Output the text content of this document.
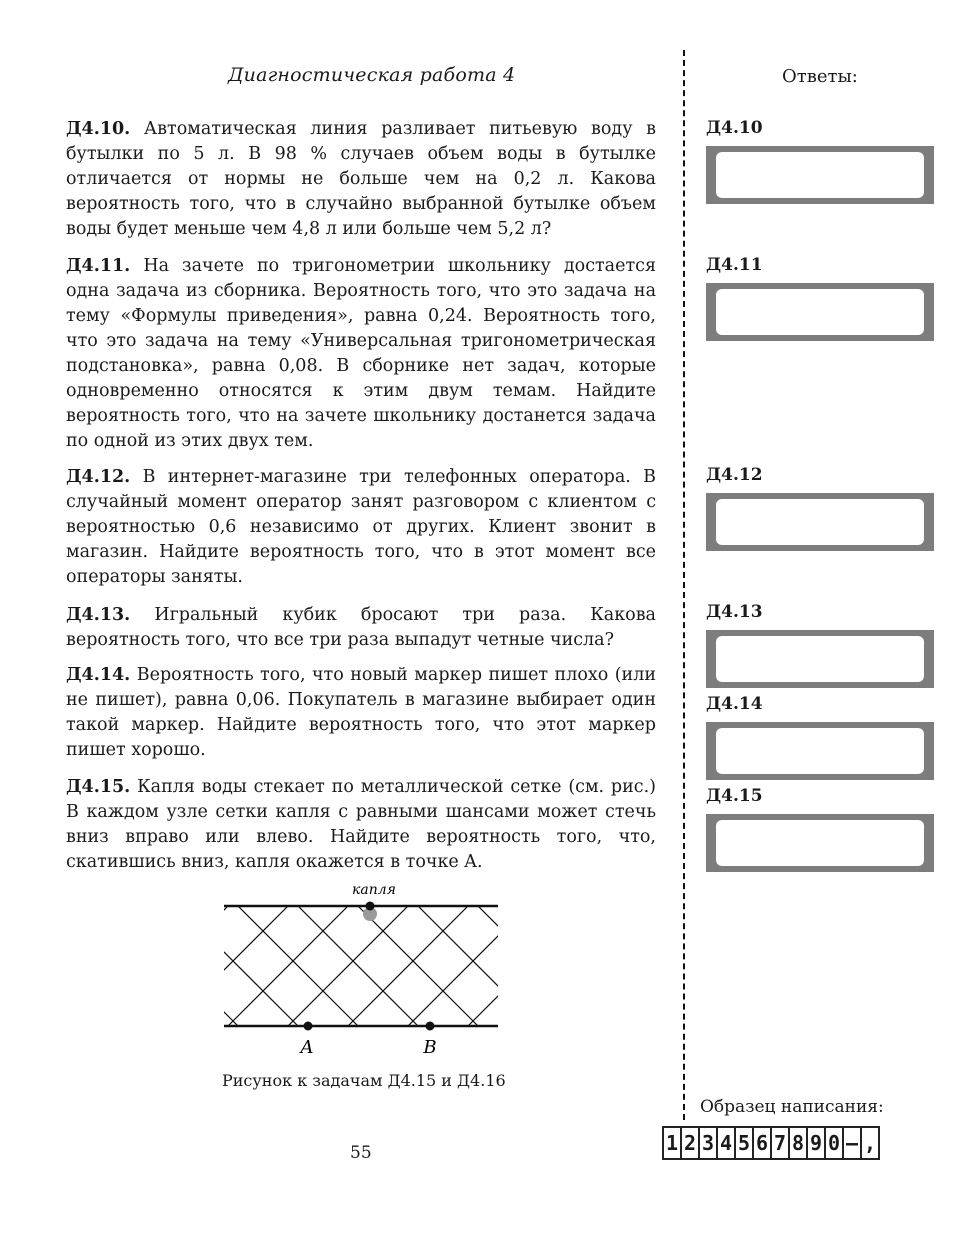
Диагностическая работа 4	Ответы:
Д4.10. Автоматическая линия разливает питьевую воду в бутылки по 5 л. В 98 % случаев объем воды в бутылке отличается от нормы не больше чем на 0,2 л. Какова вероятность того, что в случайно выбранной бутылке объем воды будет меньше чем 4,8 л или больше чем 5,2 л?
Д4.11. На зачете по тригонометрии школьнику достается одна задача из сборника. Вероятность того, что это задача на тему «Формулы приведения», равна 0,24. Вероятность того, что это задача на тему «Универсальная тригонометрическая подстановка», равна 0,08. В сборнике нет задач, которые одновременно относятся к этим двум темам. Найдите вероятность того, что на зачете школьнику достанется задача по одной из этих двух тем.
Д4.12. В интернет-магазине три телефонных оператора. В случайный момент оператор занят разговором с клиентом с вероятностью 0,6 независимо от других. Клиент звонит в магазин. Найдите вероятность того, что в этот момент все операторы заняты.
Д4.13. Игральный кубик бросают три раза. Какова вероятность того, что все три раза выпадут четные числа?
Д4.14. Вероятность того, что новый маркер пишет плохо (или не пишет), равна 0,06. Покупатель в магазине выбирает один такой маркер. Найдите вероятность того, что этот маркер пишет хорошо.
Д4.15. Капля воды стекает по металлической сетке (см. рис.) В каждом узле сетки капля с равными шансами может стечь вниз вправо или влево. Найдите вероятность того, что, скатившись вниз, капля окажется в точке A.
Д4.10
Д4.11
Д4.12
Д4.13
Д4.14
Д4.15
капля
A	B
Рисунок к задачам Д4.15 и Д4.16
55
Образец написания:
1 2 3 4 5 6 7 8 9 0 – ,
